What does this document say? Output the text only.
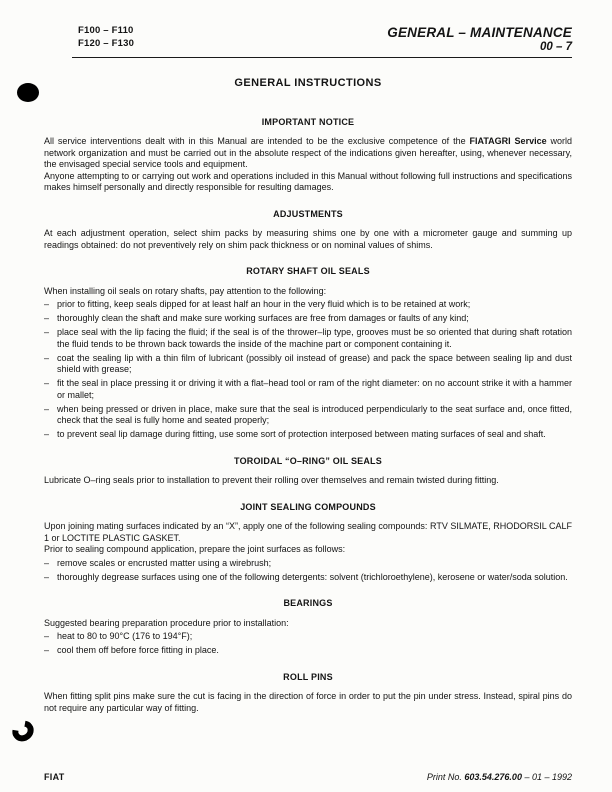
F100 – F110
F120 – F130
GENERAL – MAINTENANCE
00 – 7
GENERAL INSTRUCTIONS
IMPORTANT NOTICE

All service interventions dealt with in this Manual are intended to be the exclusive competence of the FIATAGRI Service world network organization and must be carried out in the absolute respect of the indications given hereafter, using, whenever necessary, the envisaged special service tools and equipment.

Anyone attempting to or carrying out work and operations included in this Manual without following full instructions and specifications makes himself personally and directly responsible for resulting damages.

ADJUSTMENTS

At each adjustment operation, select shim packs by measuring shims one by one with a micrometer gauge and summing up readings obtained: do not preventively rely on shim pack thickness or on nominal values of shims.

ROTARY SHAFT OIL SEALS

When installing oil seals on rotary shafts, pay attention to the following:

– prior to fitting, keep seals dipped for at least half an hour in the very fluid which is to be retained at work;
– thoroughly clean the shaft and make sure working surfaces are free from damages or faults of any kind;
– place seal with the lip facing the fluid; if the seal is of the thrower–lip type, grooves must be so oriented that during shaft rotation the fluid tends to be thrown back towards the inside of the machine part or component containing it.
– coat the sealing lip with a thin film of lubricant (possibly oil instead of grease) and pack the space between sealing lip and dust shield with grease;
– fit the seal in place pressing it or driving it with a flat–head tool or ram of the right diameter: on no account strike it with a hammer or mallet;
– when being pressed or driven in place, make sure that the seal is introduced perpendicularly to the seat surface and, once fitted, check that the seal is fully home and seated properly;
– to prevent seal lip damage during fitting, use some sort of protection interposed between mating surfaces of seal and shaft.
TOROIDAL “O–RING” OIL SEALS

Lubricate O–ring seals prior to installation to prevent their rolling over themselves and remain twisted during fitting.

JOINT SEALING COMPOUNDS

Upon joining mating surfaces indicated by an “X”, apply one of the following sealing compounds: RTV SILMATE, RHODORSIL CALF 1 or LOCTITE PLASTIC GASKET.

Prior to sealing compound application, prepare the joint surfaces as follows:

– remove scales or encrusted matter using a wirebrush;
– thoroughly degrease surfaces using one of the following detergents: solvent (trichloroethylene), kerosene or water/soda solution.
BEARINGS

Suggested bearing preparation procedure prior to installation:

– heat to 80 to 90°C (176 to 194°F);
– cool them off before force fitting in place.
ROLL PINS

When fitting split pins make sure the cut is facing in the direction of force in order to put the pin under stress. Instead, spiral pins do not require any particular way of fitting.

FIAT	Print No. 603.54.276.00 – 01 – 1992
